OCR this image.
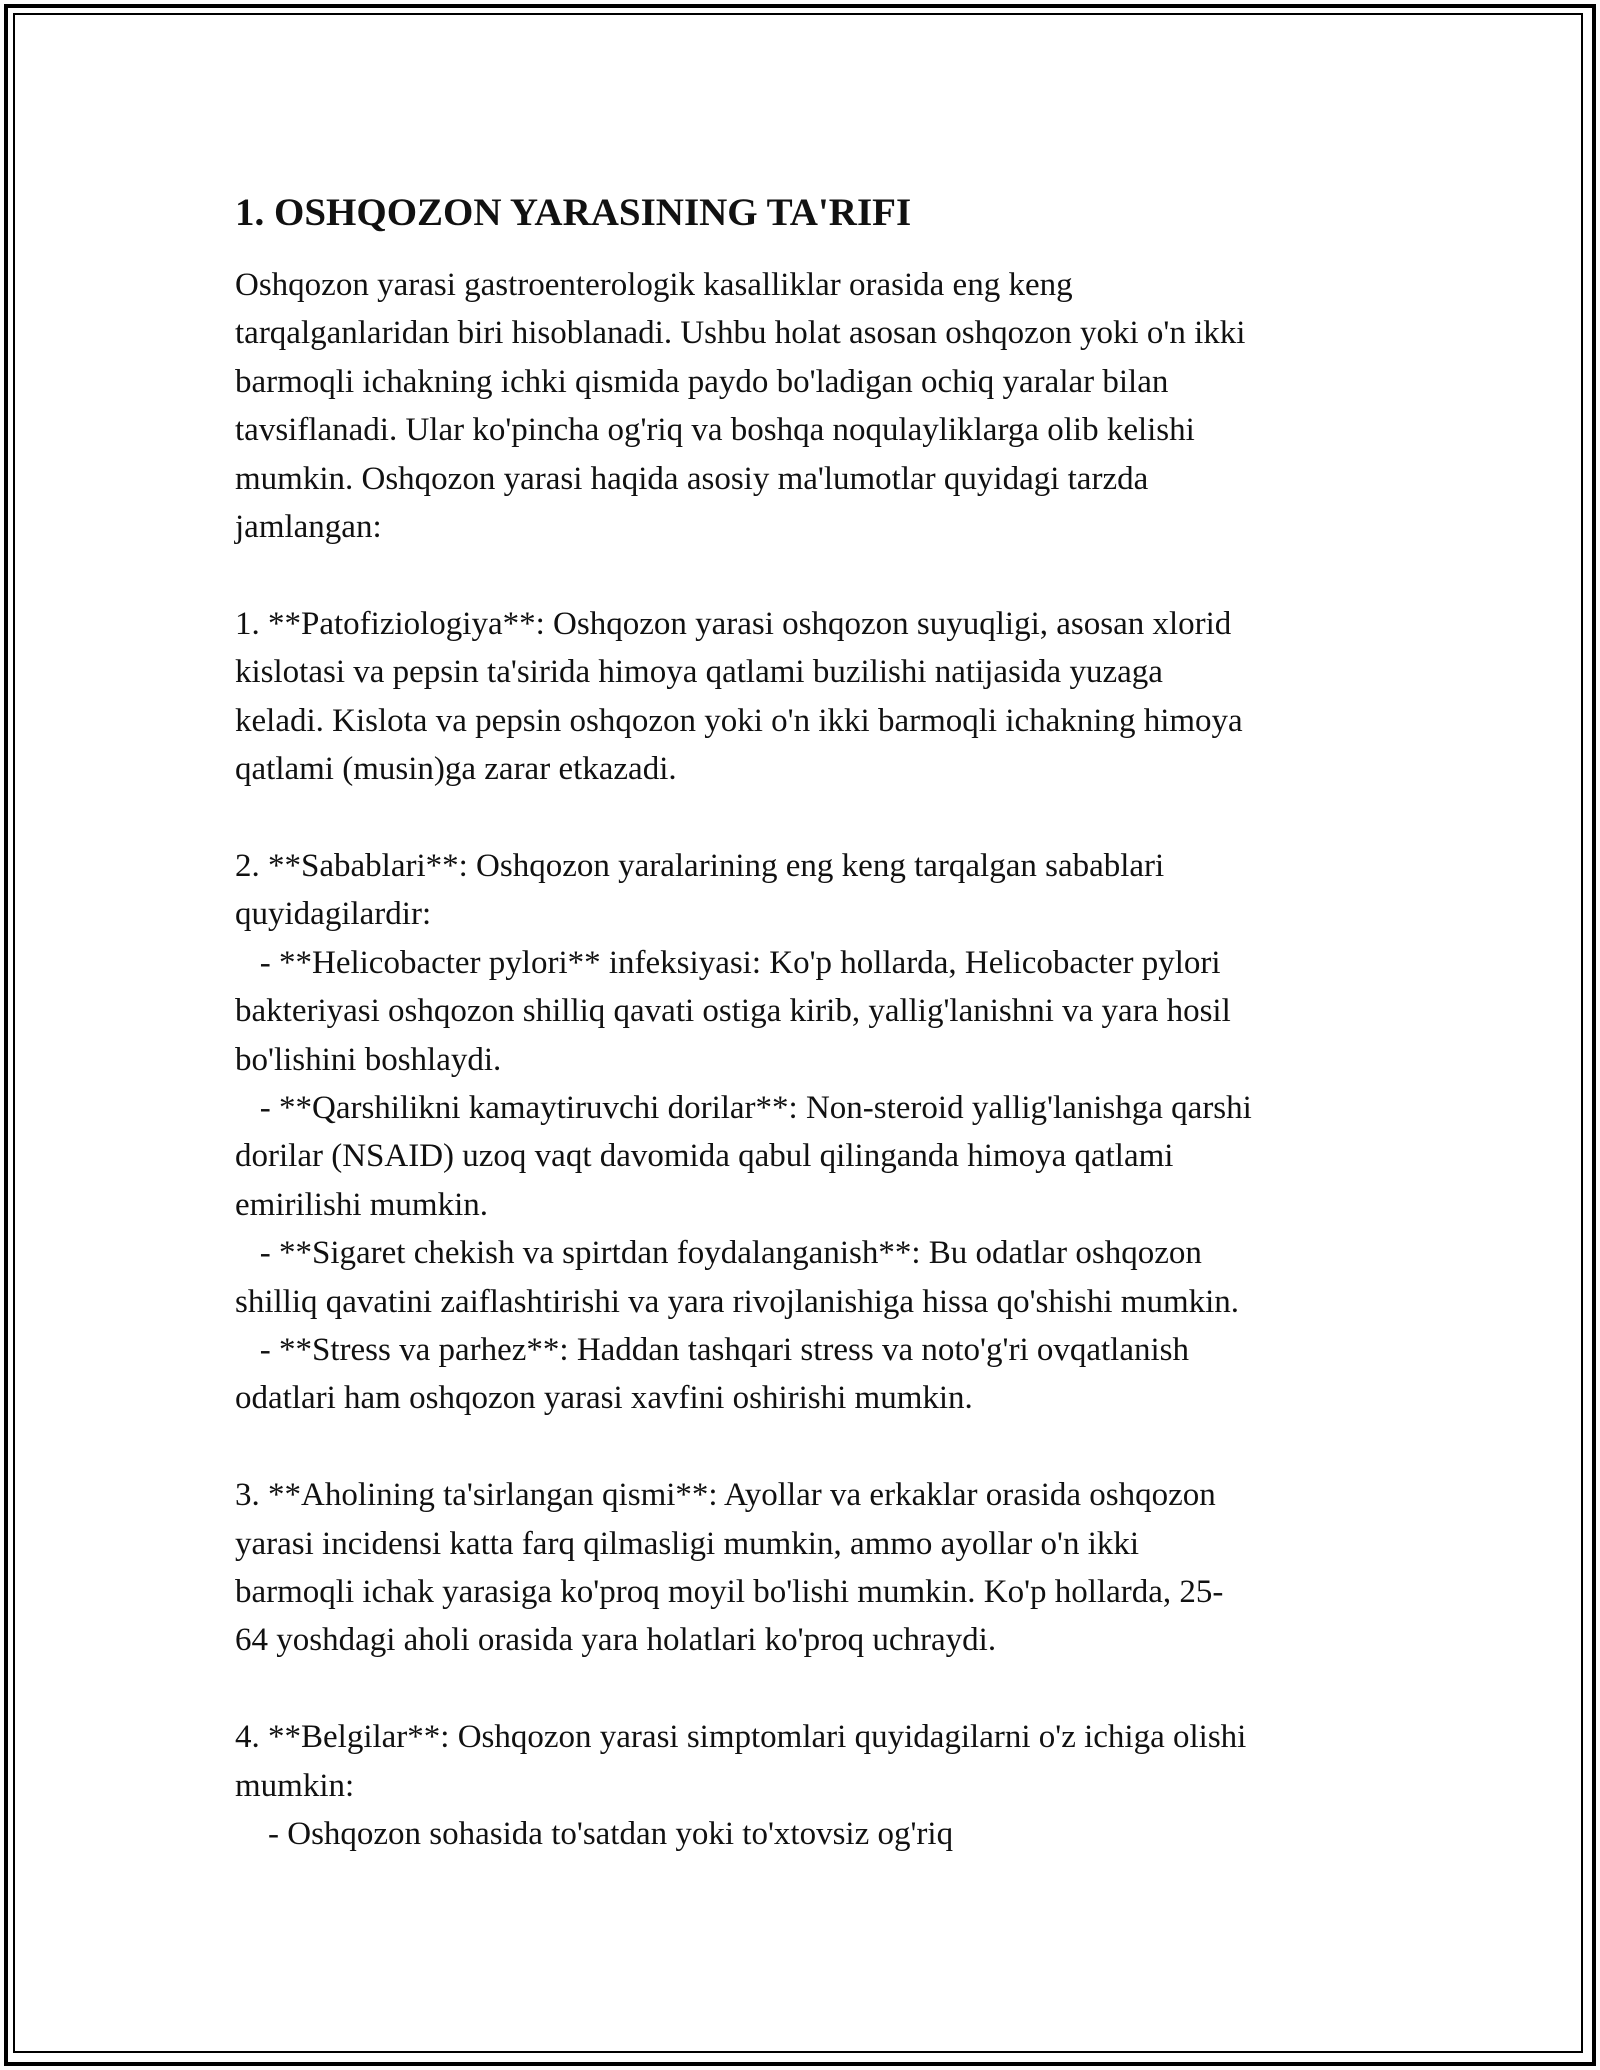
1. OSHQOZON YARASINING TA'RIFI

Oshqozon yarasi gastroenterologik kasalliklar orasida eng keng
tarqalganlaridan biri hisoblanadi. Ushbu holat asosan oshqozon yoki o'n ikki
barmoqli ichakning ichki qismida paydo bo'ladigan ochiq yaralar bilan
tavsiflanadi. Ular ko'pincha og'riq va boshqa noqulayliklarga olib kelishi
mumkin. Oshqozon yarasi haqida asosiy ma'lumotlar quyidagi tarzda
jamlangan:

1. **Patofiziologiya**: Oshqozon yarasi oshqozon suyuqligi, asosan xlorid
kislotasi va pepsin ta'sirida himoya qatlami buzilishi natijasida yuzaga
keladi. Kislota va pepsin oshqozon yoki o'n ikki barmoqli ichakning himoya
qatlami (musin)ga zarar etkazadi.

2. **Sabablari**: Oshqozon yaralarining eng keng tarqalgan sabablari
quyidagilardir:
- **Helicobacter pylori** infeksiyasi: Ko'p hollarda, Helicobacter pylori
bakteriyasi oshqozon shilliq qavati ostiga kirib, yallig'lanishni va yara hosil
bo'lishini boshlaydi.
- **Qarshilikni kamaytiruvchi dorilar**: Non-steroid yallig'lanishga qarshi
dorilar (NSAID) uzoq vaqt davomida qabul qilinganda himoya qatlami
emirilishi mumkin.
- **Sigaret chekish va spirtdan foydalanganish**: Bu odatlar oshqozon
shilliq qavatini zaiflashtirishi va yara rivojlanishiga hissa qo'shishi mumkin.
- **Stress va parhez**: Haddan tashqari stress va noto'g'ri ovqatlanish
odatlari ham oshqozon yarasi xavfini oshirishi mumkin.

3. **Aholining ta'sirlangan qismi**: Ayollar va erkaklar orasida oshqozon
yarasi incidensi katta farq qilmasligi mumkin, ammo ayollar o'n ikki
barmoqli ichak yarasiga ko'proq moyil bo'lishi mumkin. Ko'p hollarda, 25-
64 yoshdagi aholi orasida yara holatlari ko'proq uchraydi.

4. **Belgilar**: Oshqozon yarasi simptomlari quyidagilarni o'z ichiga olishi
mumkin:
- Oshqozon sohasida to'satdan yoki to'xtovsiz og'riq
